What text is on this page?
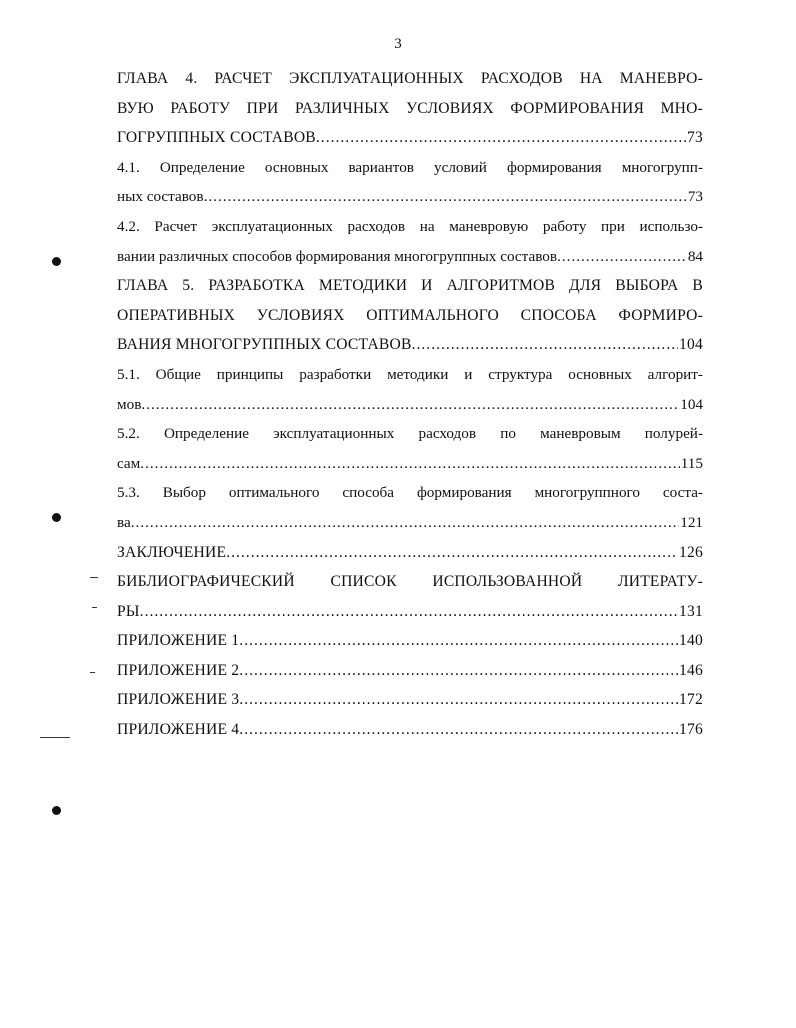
3
ГЛАВА 4. РАСЧЕТ ЭКСПЛУАТАЦИОННЫХ РАСХОДОВ НА МАНЕВРО-
ВУЮ РАБОТУ ПРИ РАЗЛИЧНЫХ УСЛОВИЯХ ФОРМИРОВАНИЯ МНО-
ГОГРУППНЫХ СОСТАВОВ .....	73
4.1. Определение основных вариантов условий формирования многогрупп-
ных составов .....	73
4.2. Расчет эксплуатационных расходов на маневровую работу при использо-
вании различных способов формирования многогруппных составов .....	84
ГЛАВА 5. РАЗРАБОТКА МЕТОДИКИ И АЛГОРИТМОВ ДЛЯ ВЫБОРА В
ОПЕРАТИВНЫХ УСЛОВИЯХ ОПТИМАЛЬНОГО СПОСОБА ФОРМИРО-
ВАНИЯ МНОГОГРУППНЫХ СОСТАВОВ .....	104
5.1. Общие принципы разработки методики и структура основных алгорит-
мов .....	104
5.2. Определение эксплуатационных расходов по маневровым полурей-
сам .....	115
5.3. Выбор оптимального способа формирования многогруппного соста-
ва .....	121
ЗАКЛЮЧЕНИЕ .....	126
БИБЛИОГРАФИЧЕСКИЙ СПИСОК ИСПОЛЬЗОВАННОЙ ЛИТЕРАТУ-
РЫ .....	131
ПРИЛОЖЕНИЕ 1 .....	140
ПРИЛОЖЕНИЕ 2 .....	146
ПРИЛОЖЕНИЕ 3 .....	172
ПРИЛОЖЕНИЕ 4 .....	176
